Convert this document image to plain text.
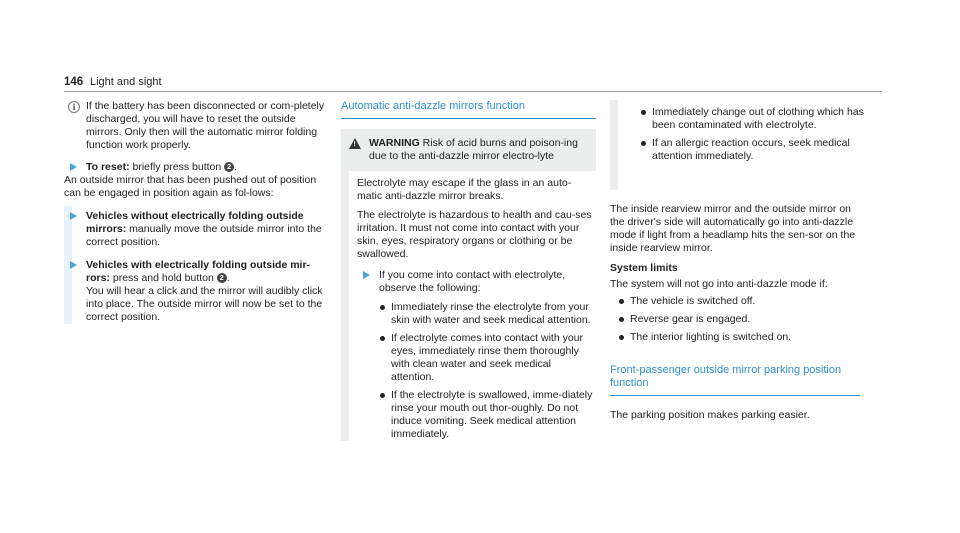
146 Light and sight
i If the battery has been disconnected or com-pletely discharged, you will have to reset the outside mirrors. Only then will the automatic mirror folding function work properly.

To reset: briefly press button 2 .

An outside mirror that has been pushed out of position can be engaged in position again as fol-lows:

Vehicles without electrically folding outside mirrors: manually move the outside mirror into the correct position.
Vehicles with electrically folding outside mir-rors: press and hold button 2 .

You will hear a click and the mirror will audibly click into place. The outside mirror will now be set to the correct position.

Automatic anti-dazzle mirrors function
! WARNING Risk of acid burns and poison-ing due to the anti-dazzle mirror electro-lyte

Electrolyte may escape if the glass in an auto-matic anti-dazzle mirror breaks.

The electrolyte is hazardous to health and cau-ses irritation. It must not come into contact with your skin, eyes, respiratory organs or clothing or be swallowed.

If you come into contact with electrolyte, observe the following:

Immediately rinse the electrolyte from your skin with water and seek medical attention.
If electrolyte comes into contact with your eyes, immediately rinse them thoroughly with clean water and seek medical attention.
If the electrolyte is swallowed, imme-diately rinse your mouth out thor-oughly. Do not induce vomiting. Seek medical attention immediately.
Immediately change out of clothing which has been contaminated with electrolyte.
If an allergic reaction occurs, seek medical attention immediately.

The inside rearview mirror and the outside mirror on the driver's side will automatically go into anti-dazzle mode if light from a headlamp hits the sen-sor on the inside rearview mirror.

System limits

The system will not go into anti-dazzle mode if:

The vehicle is switched off.
Reverse gear is engaged.
The interior lighting is switched on.
Front-passenger outside mirror parking position function

The parking position makes parking easier.
